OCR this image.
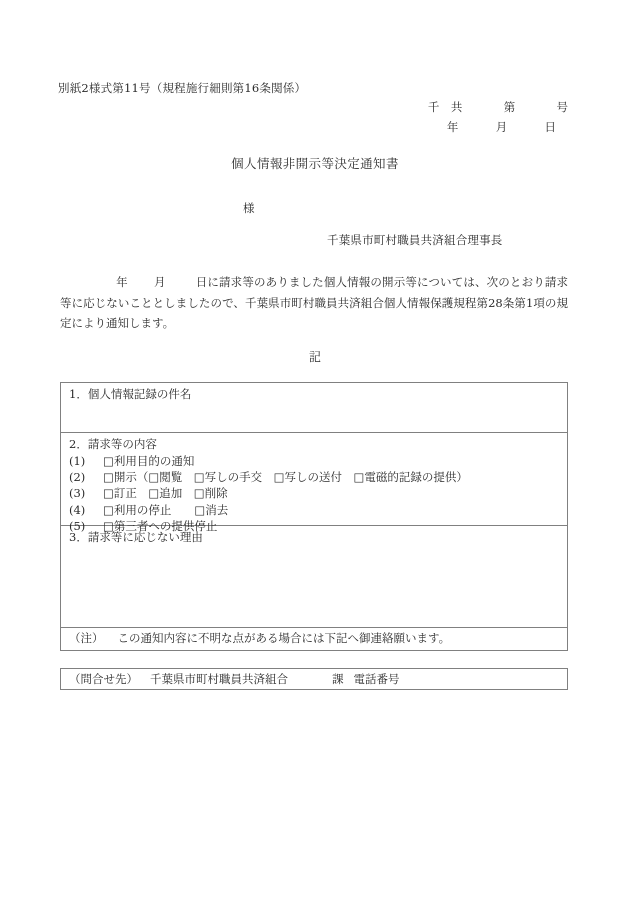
別紙2様式第11号（規程施行細則第16条関係）
千　共	第	号
年	月	日
個人情報非開示等決定通知書
様
千葉県市町村職員共済組合理事長
年 月	日に請求等のありました個人情報の開示等については、次のとおり請求等に応じないこととしましたので、千葉県市町村職員共済組合個人情報保護規程第28条第1項の規定により通知します。
記
1．個人情報記録の件名
2．請求等の内容
(1) □利用目的の通知
(2) □開示（□閲覧　□写しの手交　□写しの送付　□電磁的記録の提供）
(3) □訂正　□追加　□削除
(4) □利用の停止　　□消去
(5) □第三者への提供停止
3．請求等に応じない理由
（注） この通知内容に不明な点がある場合には下記へ御連絡願います。
（問合せ先） 千葉県市町村職員共済組合	課 電話番号
